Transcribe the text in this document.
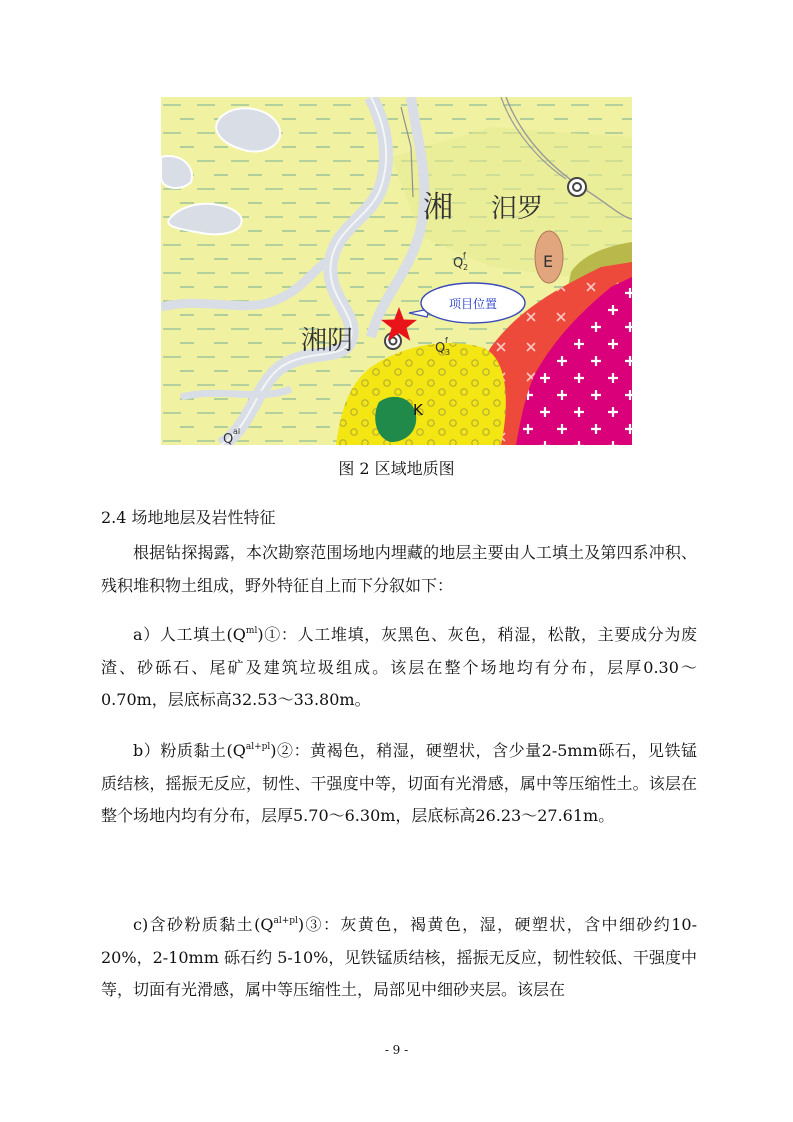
湘 汨罗
湘阴
E
K
Q
f
2
Q
f
3
Q
al
项目位置
图 2 区域地质图
2.4 场地地层及岩性特征

根据钻探揭露，本次勘察范围场地内埋藏的地层主要由人工填土及第四系冲积、残积堆积物土组成，野外特征自上而下分叙如下：

a）人工填土$(Q^{ml})①$：人工堆填，灰黑色、灰色，稍湿，松散，主要成分为废渣、砂砾石、尾矿及建筑垃圾组成。该层在整个场地均有分布，层厚0.30～0.70m，层底标高32.53～33.80m。

b）粉质黏土$(Q^{al+pl})②$：黄褐色，稍湿，硬塑状，含少量2-5mm砾石，见铁锰质结核，摇振无反应，韧性、干强度中等，切面有光滑感，属中等压缩性土。该层在整个场地内均有分布，层厚5.70～6.30m，层底标高26.23～27.61m。

c)含砂粉质黏土$(Q^{al+pl})③$：灰黄色，褐黄色，湿，硬塑状，含中细砂约10-20%，2-10mm 砾石约 5-10%，见铁锰质结核，摇振无反应，韧性较低、干强度中等，切面有光滑感，属中等压缩性土，局部见中细砂夹层。该层在

- 9 -
